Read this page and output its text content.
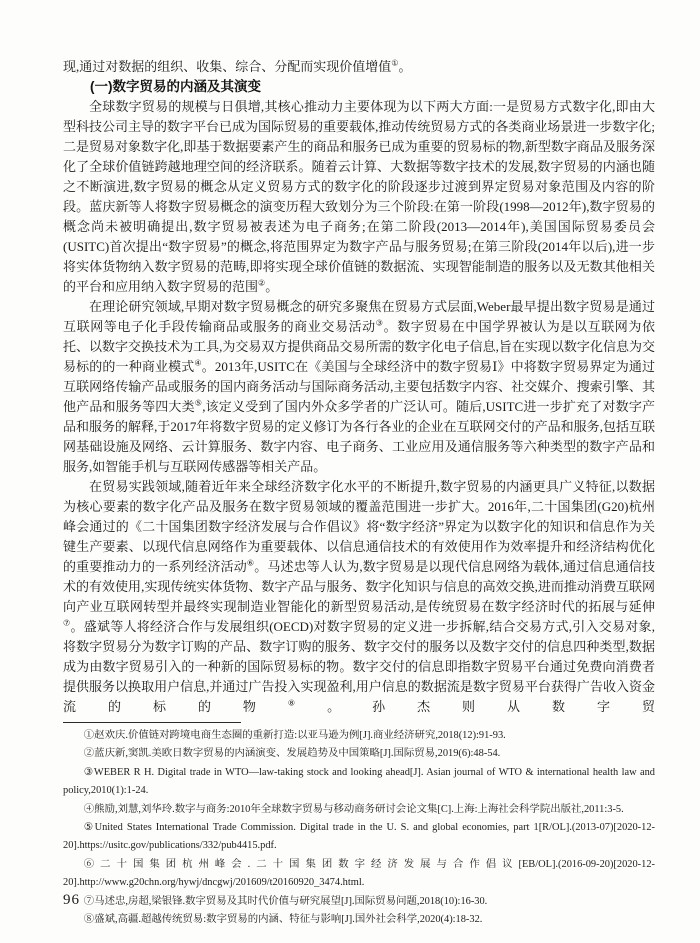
现,通过对数据的组织、收集、综合、分配而实现价值增值①。

(一)数字贸易的内涵及其演变

全球数字贸易的规模与日俱增,其核心推动力主要体现为以下两大方面:一是贸易方式数字化,即由大型科技公司主导的数字平台已成为国际贸易的重要载体,推动传统贸易方式的各类商业场景进一步数字化;二是贸易对象数字化,即基于数据要素产生的商品和服务已成为重要的贸易标的物,新型数字商品及服务深化了全球价值链跨越地理空间的经济联系。随着云计算、大数据等数字技术的发展,数字贸易的内涵也随之不断演进,数字贸易的概念从定义贸易方式的数字化的阶段逐步过渡到界定贸易对象范围及内容的阶段。蓝庆新等人将数字贸易概念的演变历程大致划分为三个阶段:在第一阶段(1998—2012年),数字贸易的概念尚未被明确提出,数字贸易被表述为电子商务;在第二阶段(2013—2014年),美国国际贸易委员会(USITC)首次提出“数字贸易”的概念,将范围界定为数字产品与服务贸易;在第三阶段(2014年以后),进一步将实体货物纳入数字贸易的范畴,即将实现全球价值链的数据流、实现智能制造的服务以及无数其他相关的平台和应用纳入数字贸易的范围②。

在理论研究领域,早期对数字贸易概念的研究多聚焦在贸易方式层面,Weber最早提出数字贸易是通过互联网等电子化手段传输商品或服务的商业交易活动③。数字贸易在中国学界被认为是以互联网为依托、以数字交换技术为工具,为交易双方提供商品交易所需的数字化电子信息,旨在实现以数字化信息为交易标的的一种商业模式④。2013年,USITC在《美国与全球经济中的数字贸易Ⅰ》中将数字贸易界定为通过互联网络传输产品或服务的国内商务活动与国际商务活动,主要包括数字内容、社交媒介、搜索引擎、其他产品和服务等四大类⑤,该定义受到了国内外众多学者的广泛认可。随后,USITC进一步扩充了对数字产品和服务的解释,于2017年将数字贸易的定义修订为各行各业的企业在互联网交付的产品和服务,包括互联网基础设施及网络、云计算服务、数字内容、电子商务、工业应用及通信服务等六种类型的数字产品和服务,如智能手机与互联网传感器等相关产品。

在贸易实践领域,随着近年来全球经济数字化水平的不断提升,数字贸易的内涵更具广义特征,以数据为核心要素的数字化产品及服务在数字贸易领域的覆盖范围进一步扩大。2016年,二十国集团(G20)杭州峰会通过的《二十国集团数字经济发展与合作倡议》将“数字经济”界定为以数字化的知识和信息作为关键生产要素、以现代信息网络作为重要载体、以信息通信技术的有效使用作为效率提升和经济结构优化的重要推动力的一系列经济活动⑥。马述忠等人认为,数字贸易是以现代信息网络为载体,通过信息通信技术的有效使用,实现传统实体货物、数字产品与服务、数字化知识与信息的高效交换,进而推动消费互联网向产业互联网转型并最终实现制造业智能化的新型贸易活动,是传统贸易在数字经济时代的拓展与延伸⑦。盛斌等人将经济合作与发展组织(OECD)对数字贸易的定义进一步拆解,结合交易方式,引入交易对象,将数字贸易分为数字订购的产品、数字订购的服务、数字交付的服务以及数字交付的信息四种类型,数据成为由数字贸易引入的一种新的国际贸易标的物。数字交付的信息即指数字贸易平台通过免费向消费者提供服务以换取用户信息,并通过广告投入实现盈利,用户信息的数据流是数字贸易平台获得广告收入资金流的标的物⑧。孙杰则从数字贸

①赵欢庆.价值链对跨境电商生态圈的重新打造:以亚马逊为例[J].商业经济研究,2018(12):91-93.

②蓝庆新,窦凯.美欧日数字贸易的内涵演变、发展趋势及中国策略[J].国际贸易,2019(6):48-54.

③WEBER R H. Digital trade in WTO—law-taking stock and looking ahead[J]. Asian journal of WTO & international health law and policy,2010(1):1-24.

④熊励,刘慧,刘华玲.数字与商务:2010年全球数字贸易与移动商务研讨会论文集[C].上海:上海社会科学院出版社,2011:3-5.

⑤United States International Trade Commission. Digital trade in the U. S. and global economies, part 1[R/OL].(2013-07)[2020-12-20].https://usitc.gov/publications/332/pub4415.pdf.

⑥二十国集团杭州峰会.二十国集团数字经济发展与合作倡议[EB/OL].(2016-09-20)[2020-12-20].http://www.g20chn.org/hywj/dncgwj/201609/t20160920_3474.html.

⑦马述忠,房超,梁银锋.数字贸易及其时代价值与研究展望[J].国际贸易问题,2018(10):16-30.

⑧盛斌,高疆.超越传统贸易:数字贸易的内涵、特征与影响[J].国外社会科学,2020(4):18-32.

96
